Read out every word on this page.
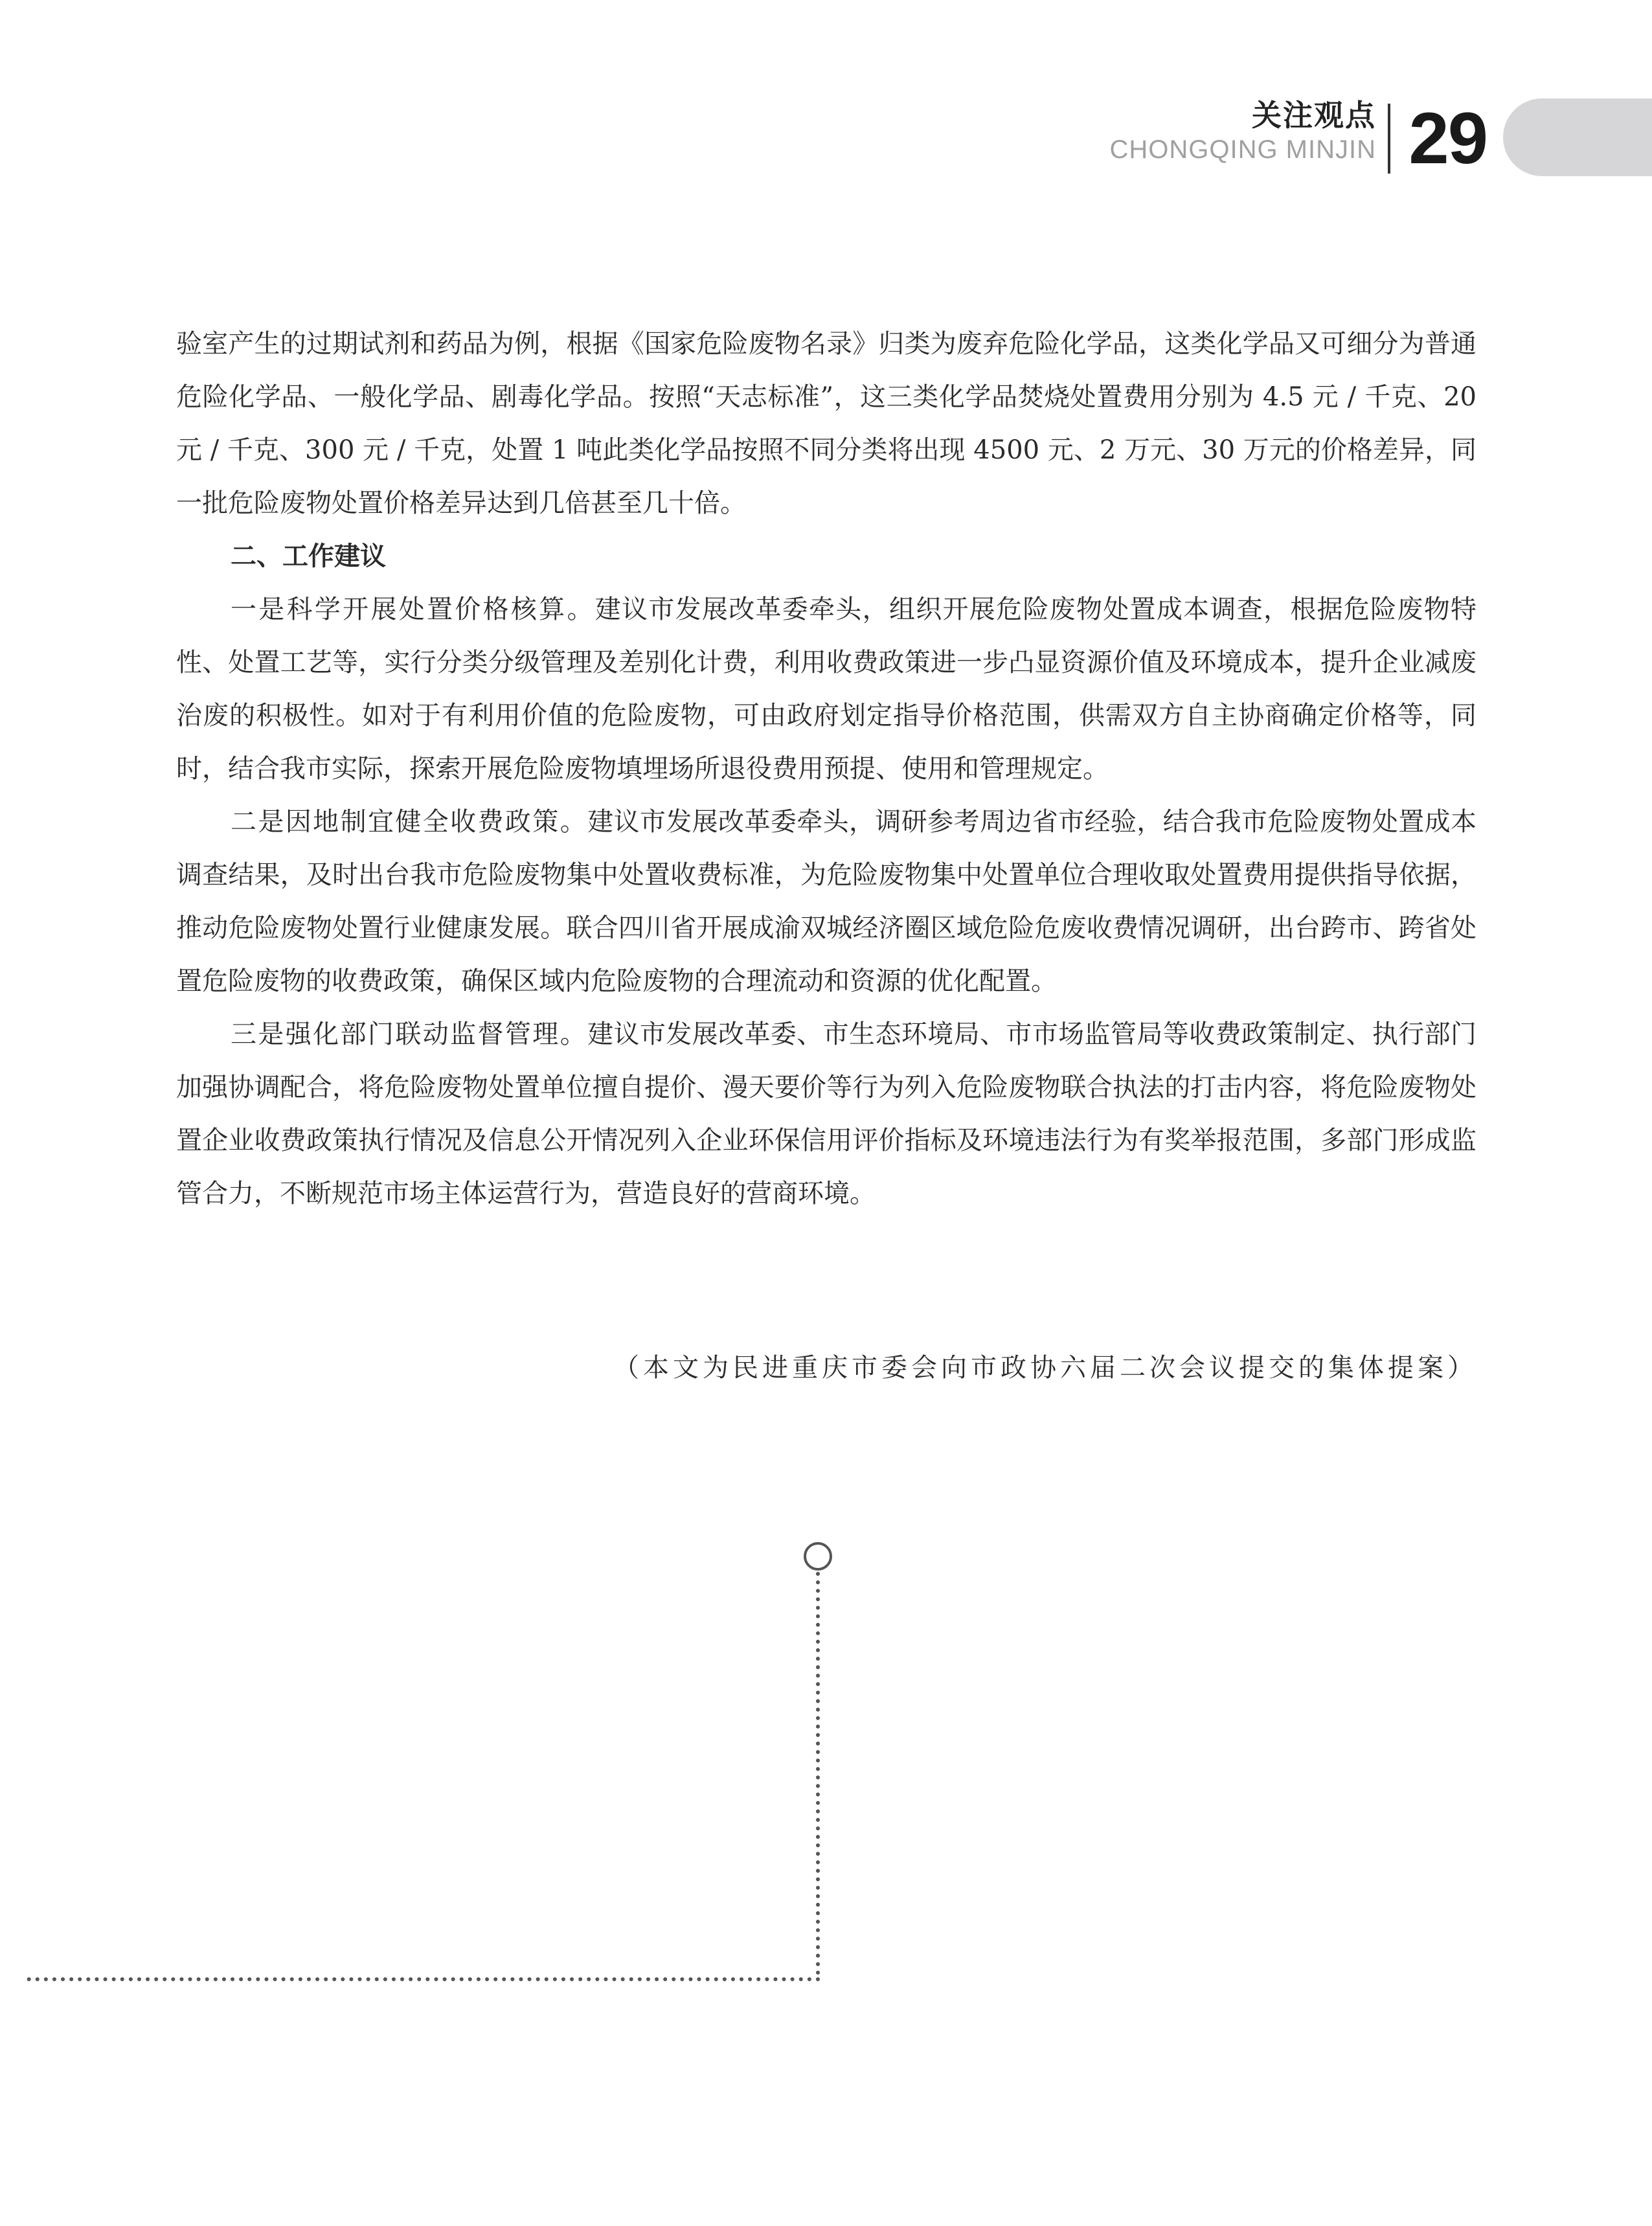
关注观点
CHONGQING MINJIN 29

验室产生的过期试剂和药品为例，根据《国家危险废物名录》归类为废弃危险化学品，这类化学品又可细分为普通危险化学品、一般化学品、剧毒化学品。按照“天志标准”，这三类化学品焚烧处置费用分别为 4.5 元 / 千克、20 元 / 千克、300 元 / 千克，处置 1 吨此类化学品按照不同分类将出现 4500 元、2 万元、30 万元的价格差异，同一批危险废物处置价格差异达到几倍甚至几十倍。

二、工作建议

一是科学开展处置价格核算。建议市发展改革委牵头，组织开展危险废物处置成本调查，根据危险废物特性、处置工艺等，实行分类分级管理及差别化计费，利用收费政策进一步凸显资源价值及环境成本，提升企业减废治废的积极性。如对于有利用价值的危险废物，可由政府划定指导价格范围，供需双方自主协商确定价格等，同时，结合我市实际，探索开展危险废物填埋场所退役费用预提、使用和管理规定。

二是因地制宜健全收费政策。建议市发展改革委牵头，调研参考周边省市经验，结合我市危险废物处置成本调查结果，及时出台我市危险废物集中处置收费标准，为危险废物集中处置单位合理收取处置费用提供指导依据，推动危险废物处置行业健康发展。联合四川省开展成渝双城经济圈区域危险危废收费情况调研，出台跨市、跨省处置危险废物的收费政策，确保区域内危险废物的合理流动和资源的优化配置。

三是强化部门联动监督管理。建议市发展改革委、市生态环境局、市市场监管局等收费政策制定、执行部门加强协调配合，将危险废物处置单位擅自提价、漫天要价等行为列入危险废物联合执法的打击内容，将危险废物处置企业收费政策执行情况及信息公开情况列入企业环保信用评价指标及环境违法行为有奖举报范围，多部门形成监管合力，不断规范市场主体运营行为，营造良好的营商环境。

（本文为民进重庆市委会向市政协六届二次会议提交的集体提案）
